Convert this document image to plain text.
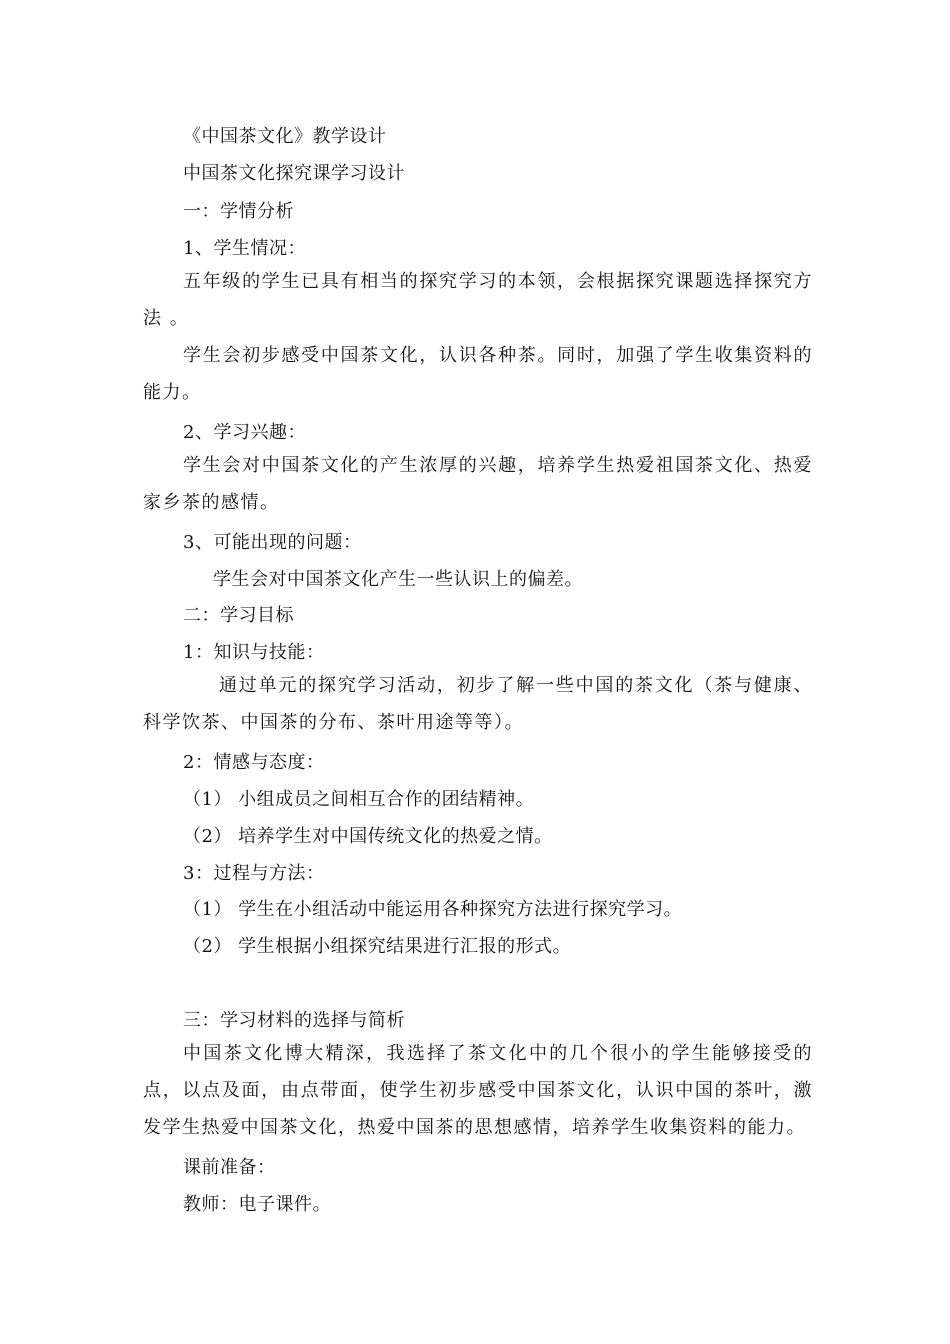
《中国茶文化》教学设计
中国茶文化探究课学习设计
一：学情分析
1、学生情况：
五年级的学生已具有相当的探究学习的本领，会根据探究课题选择探究方法 。
学生会初步感受中国茶文化，认识各种茶。同时，加强了学生收集资料的能力。
2、学习兴趣：
学生会对中国茶文化的产生浓厚的兴趣，培养学生热爱祖国茶文化、热爱家乡茶的感情。
3、可能出现的问题：
学生会对中国茶文化产生一些认识上的偏差。
二：学习目标
1：知识与技能：
通过单元的探究学习活动，初步了解一些中国的茶文化（茶与健康、科学饮茶、中国茶的分布、茶叶用途等等）。
2：情感与态度：
（1） 小组成员之间相互合作的团结精神。
（2） 培养学生对中国传统文化的热爱之情。
3：过程与方法：
（1） 学生在小组活动中能运用各种探究方法进行探究学习。
（2） 学生根据小组探究结果进行汇报的形式。
三：学习材料的选择与简析
中国茶文化博大精深，我选择了茶文化中的几个很小的学生能够接受的点，以点及面，由点带面，使学生初步感受中国茶文化，认识中国的茶叶，激发学生热爱中国茶文化，热爱中国茶的思想感情，培养学生收集资料的能力。
课前准备：
教师：电子课件。
